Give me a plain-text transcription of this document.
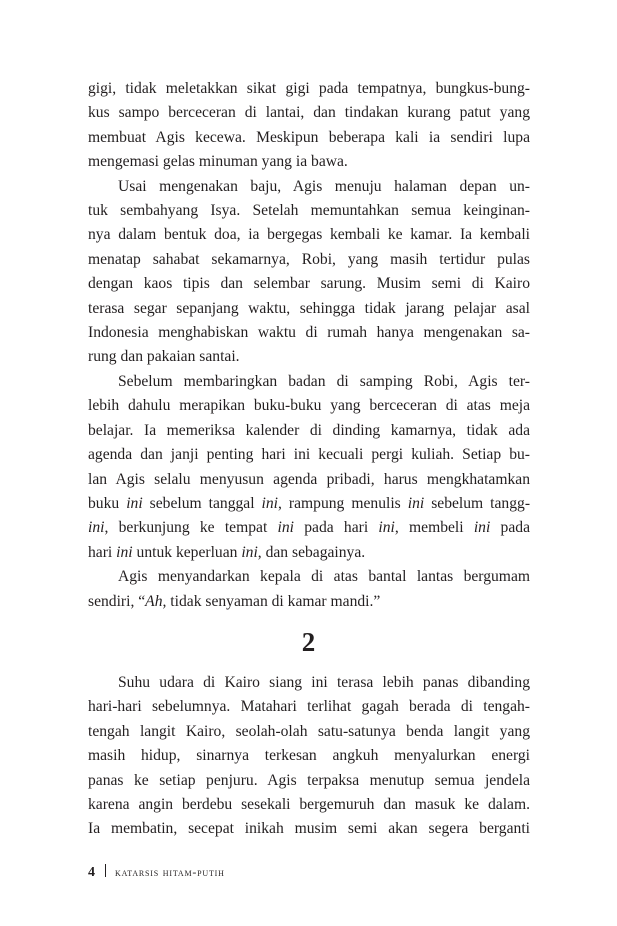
gigi, tidak meletakkan sikat gigi pada tempatnya, bungkus-bung-
kus sampo berceceran di lantai, dan tindakan kurang patut yang
membuat Agis kecewa. Meskipun beberapa kali ia sendiri lupa
mengemasi gelas minuman yang ia bawa.

Usai mengenakan baju, Agis menuju halaman depan un-
tuk sembahyang Isya. Setelah memuntahkan semua keinginan-
nya dalam bentuk doa, ia bergegas kembali ke kamar. Ia kembali
menatap sahabat sekamarnya, Robi, yang masih tertidur pulas
dengan kaos tipis dan selembar sarung. Musim semi di Kairo
terasa segar sepanjang waktu, sehingga tidak jarang pelajar asal
Indonesia menghabiskan waktu di rumah hanya mengenakan sa-
rung dan pakaian santai.

Sebelum membaringkan badan di samping Robi, Agis ter-
lebih dahulu merapikan buku-buku yang berceceran di atas meja
belajar. Ia memeriksa kalender di dinding kamarnya, tidak ada
agenda dan janji penting hari ini kecuali pergi kuliah. Setiap bu-
lan Agis selalu menyusun agenda pribadi, harus mengkhatamkan
buku ini sebelum tanggal ini, rampung menulis ini sebelum tangg-
ini, berkunjung ke tempat ini pada hari ini, membeli ini pada
hari ini untuk keperluan ini, dan sebagainya.

Agis menyandarkan kepala di atas bantal lantas bergumam
sendiri, “Ah, tidak senyaman di kamar mandi.”

2

Suhu udara di Kairo siang ini terasa lebih panas dibanding
hari-hari sebelumnya. Matahari terlihat gagah berada di tengah-
tengah langit Kairo, seolah-olah satu-satunya benda langit yang
masih hidup, sinarnya terkesan angkuh menyalurkan energi
panas ke setiap penjuru. Agis terpaksa menutup semua jendela
karena angin berdebu sesekali bergemuruh dan masuk ke dalam.
Ia membatin, secepat inikah musim semi akan segera berganti

4 katarsis hitam-putih
